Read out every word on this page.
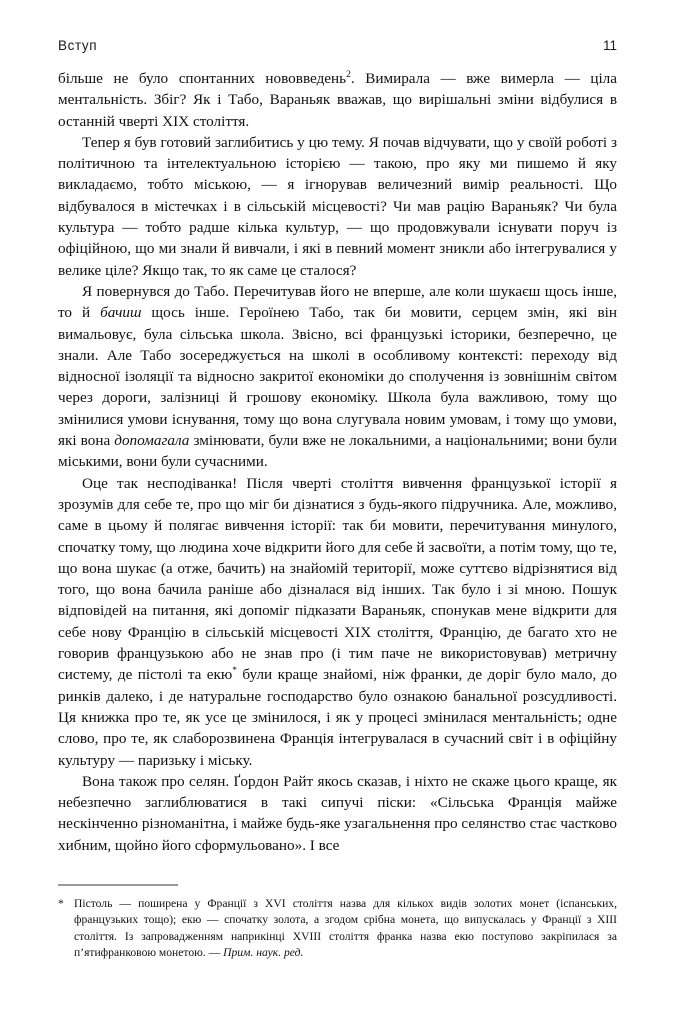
Вступ	11

більше не було спонтанних нововведень$^2$. Вимирала — вже вимерла — ціла ментальність. Збіг? Як і Табо, Вараньяк вважав, що вирішальні зміни відбулися в останній чверті XIX століття.

Тепер я був готовий заглибитись у цю тему. Я почав відчувати, що у своїй роботі з політичною та інтелектуальною історією — такою, про яку ми пишемо й яку викладаємо, тобто міською, — я ігнорував величезний вимір реальності. Що відбувалося в містечках і в сільській місцевості? Чи мав рацію Вараньяк? Чи була культура — тобто радше кілька культур, — що продовжували існувати поруч із офіційною, що ми знали й вивчали, і які в певний момент зникли або інтегрувалися у велике ціле? Якщо так, то як саме це сталося?

Я повернувся до Табо. Перечитував його не вперше, але коли шукаєш щось інше, то й бачиш щось інше. Героїнею Табо, так би мовити, серцем змін, які він вимальовує, була сільська школа. Звісно, всі французькі історики, безперечно, це знали. Але Табо зосереджується на школі в особливому контексті: переходу від відносної ізоляції та відносно закритої економіки до сполучення із зовнішнім світом через дороги, залізниці й грошову економіку. Школа була важливою, тому що змінилися умови існування, тому що вона слугувала новим умовам, і тому що умови, які вона допомагала змінювати, були вже не локальними, а національними; вони були міськими, вони були сучасними.

Оце так несподіванка! Після чверті століття вивчення французької історії я зрозумів для себе те, про що міг би дізнатися з будь-якого підручника. Але, можливо, саме в цьому й полягає вивчення історії: так би мовити, перечитування минулого, спочатку тому, що людина хоче відкрити його для себе й засвоїти, а потім тому, що те, що вона шукає (а отже, бачить) на знайомій території, може суттєво відрізнятися від того, що вона бачила раніше або дізналася від інших. Так було і зі мною. Пошук відповідей на питання, які допоміг підказати Вараньяк, спонукав мене відкрити для себе нову Францію в сільській місцевості XIX століття, Францію, де багато хто не говорив французькою або не знав про (і тим паче не використовував) метричну систему, де пістолі та екю* були краще знайомі, ніж франки, де доріг було мало, до ринків далеко, і де натуральне господарство було ознакою банальної розсудливості. Ця книжка про те, як усе це змінилося, і як у процесі змінилася ментальність; одне слово, про те, як слаборозвинена Франція інтегрувалася в сучасний світ і в офіційну культуру — паризьку і міську.

Вона також про селян. Ґордон Райт якось сказав, і ніхто не скаже цього краще, як небезпечно заглиблюватися в такі сипучі піски: «Сільська Франція майже нескінченно різноманітна, і майже будь-яке узагальнення про селянство стає частково хибним, щойно його сформульовано». І все

* Пістоль — поширена у Франції з XVI століття назва для кількох видів золотих монет (іспанських, французьких тощо); екю — спочатку золота, а згодом срібна монета, що випускалась у Франції з XIII століття. Із запровадженням наприкінці XVIII століття франка назва екю поступово закріпилася за п’ятифранковою монетою. — Прим. наук. ред.
